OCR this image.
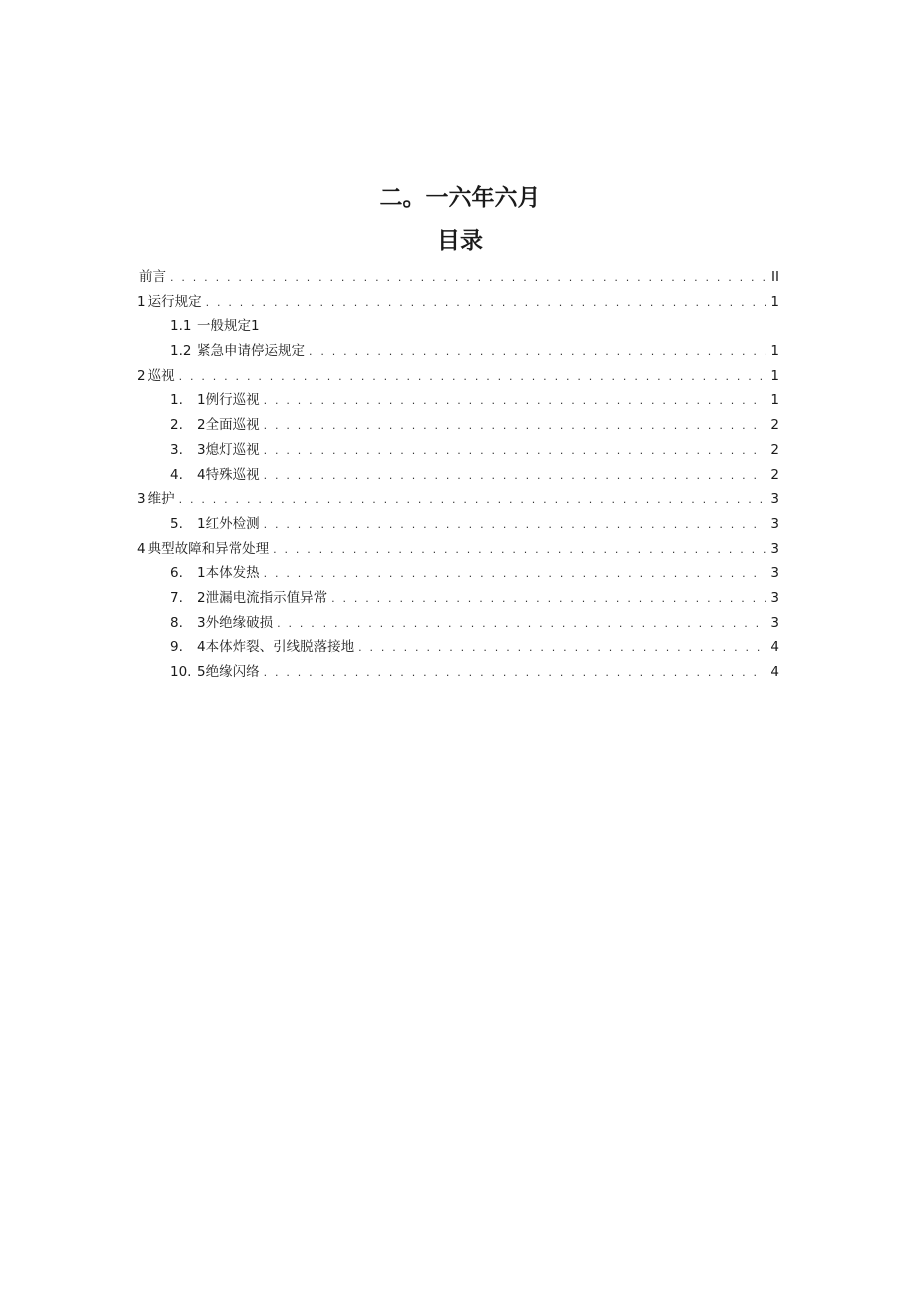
二。一六年六月
目录
前言 . . .	II
1 运行规定 . . .	1
1.1 一般规定1
1.2 紧急申请停运规定 . . .	1
2 巡视 . . .	1
1.	1例行巡视 . . .	1
2.	2全面巡视 . . .	2
3.	3熄灯巡视 . . .	2
4.	4特殊巡视 . . .	2
3 维护 . . .	3
5.	1红外检测 . . .	3
4 典型故障和异常处理 . . .	3
6.	1本体发热 . . .	3
7.	2泄漏电流指示值异常 . . .	3
8.	3外绝缘破损 . . .	3
9.	4本体炸裂、引线脱落接地 . . .	4
10. 5绝缘闪络 . . .	4
